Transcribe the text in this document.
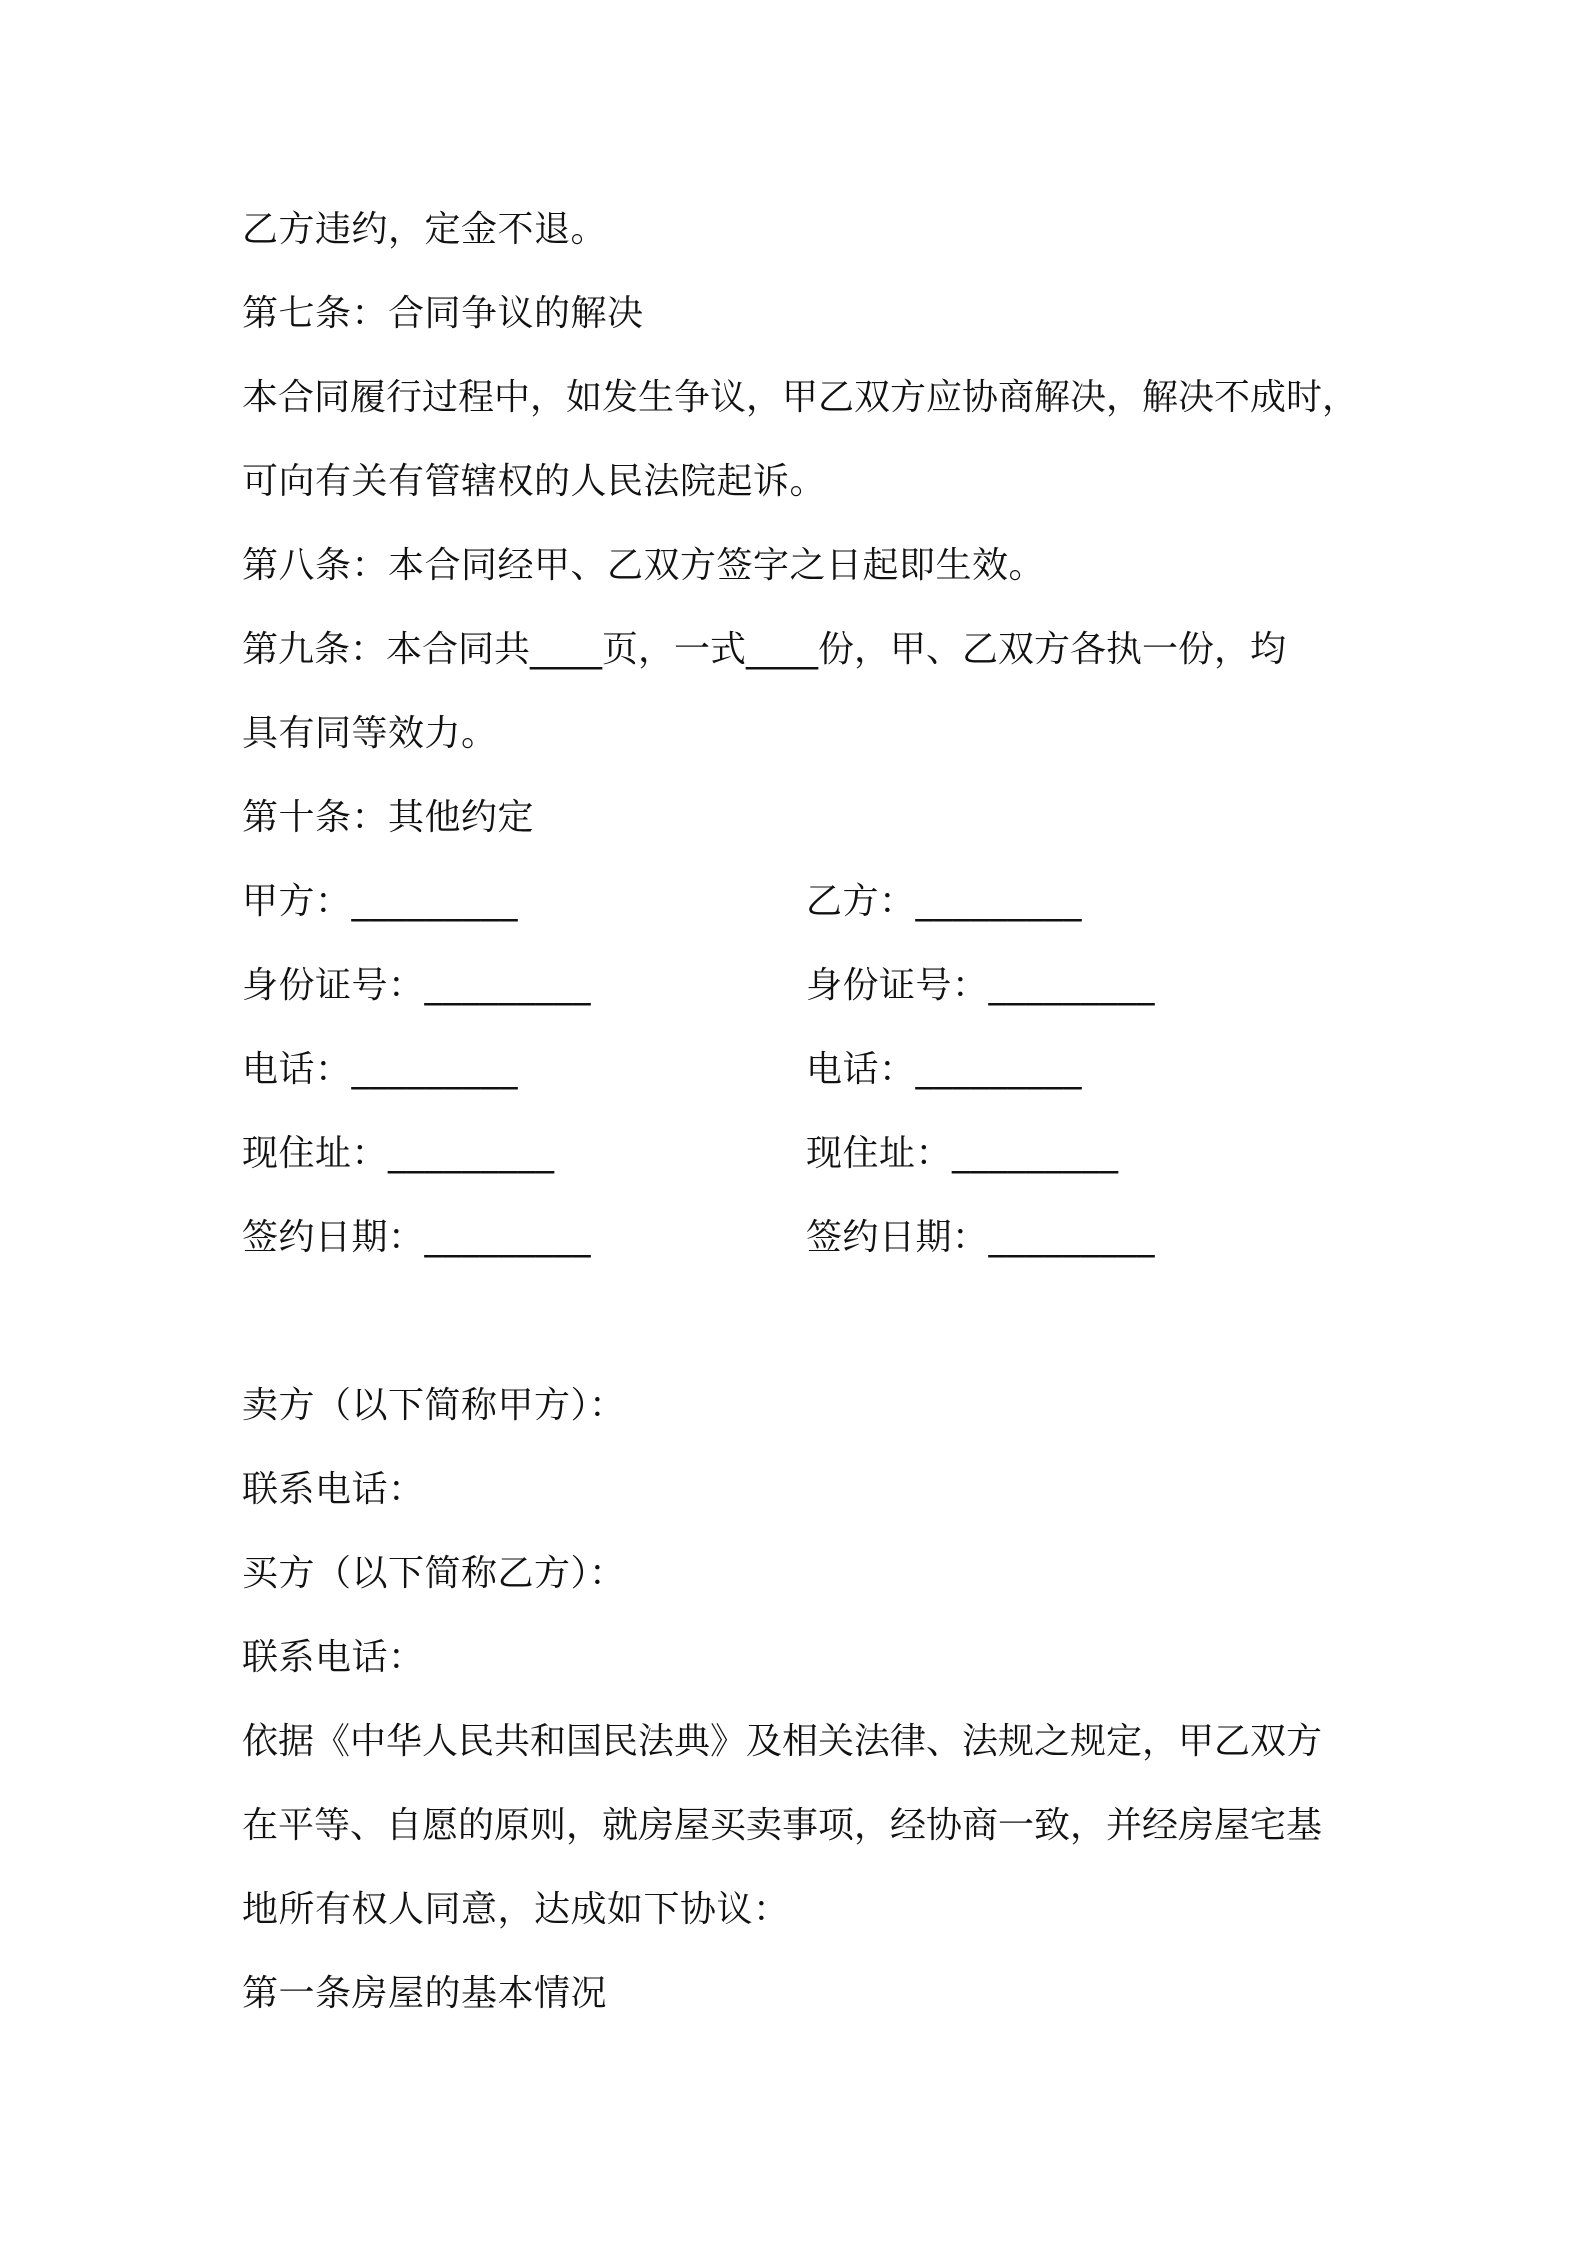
乙方违约，定金不退。
第七条：合同争议的解决
本合同履行过程中，如发生争议，甲乙双方应协商解决，解决不成时，
可向有关有管辖权的人民法院起诉。
第八条：本合同经甲、乙双方签字之日起即生效。
第九条：本合同共____页，一式____份，甲、乙双方各执一份，均
具有同等效力。
第十条：其他约定
甲方：_________
身份证号：_________
电话：_________
现住址：_________
签约日期：_________
乙方：_________
身份证号：_________
电话：_________
现住址：_________
签约日期：_________
卖方（以下简称甲方）：
联系电话：
买方（以下简称乙方）：
联系电话：
依据《中华人民共和国民法典》及相关法律、法规之规定，甲乙双方
在平等、自愿的原则，就房屋买卖事项，经协商一致，并经房屋宅基
地所有权人同意，达成如下协议：
第一条房屋的基本情况
